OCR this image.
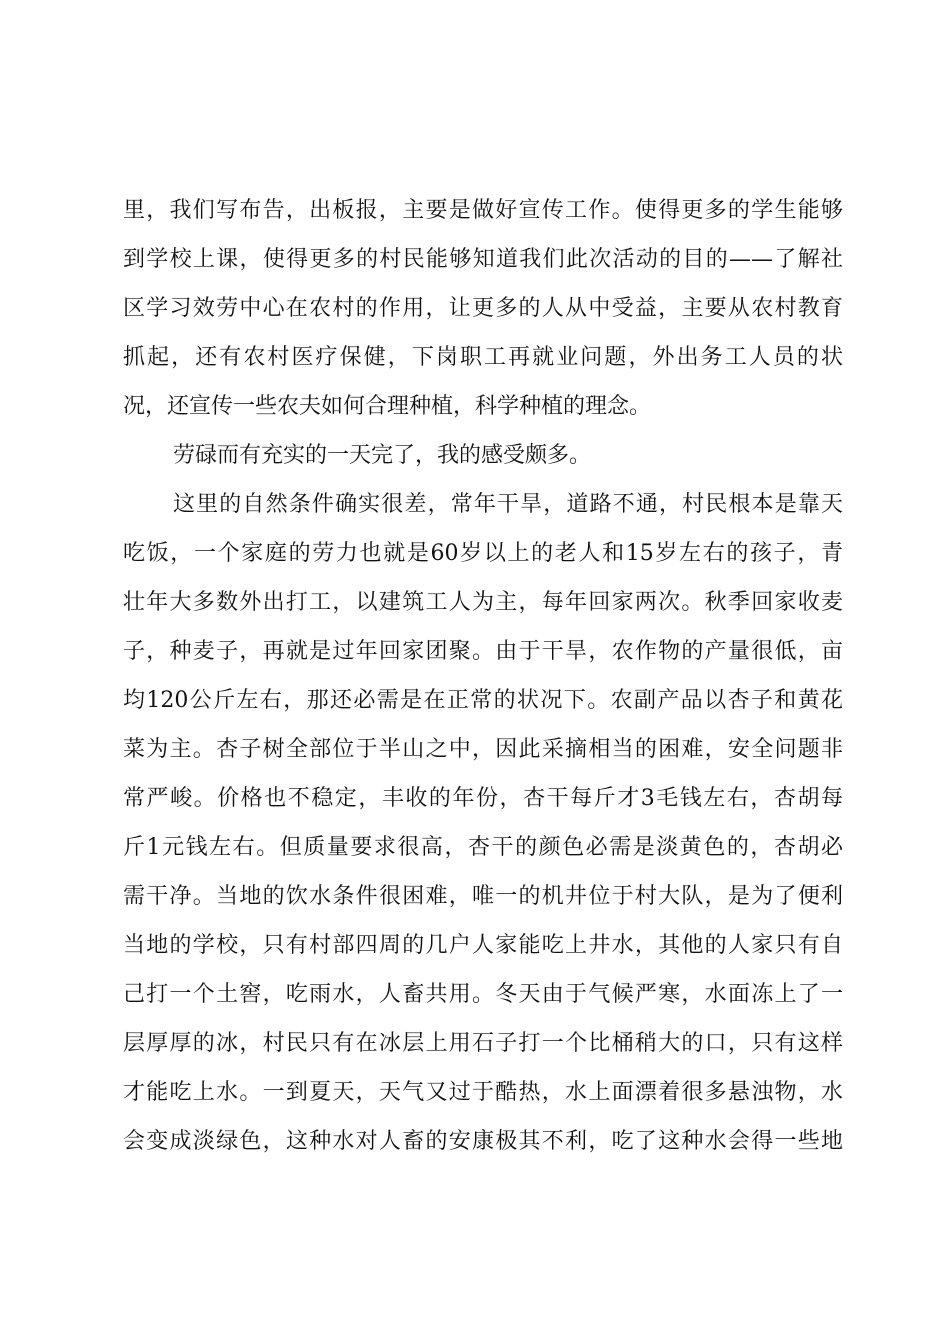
里，我们写布告，出板报，主要是做好宣传工作。使得更多的学生能够
到学校上课，使得更多的村民能够知道我们此次活动的目的——了解社
区学习效劳中心在农村的作用，让更多的人从中受益，主要从农村教育
抓起，还有农村医疗保健，下岗职工再就业问题，外出务工人员的状
况，还宣传一些农夫如何合理种植，科学种植的理念。
劳碌而有充实的一天完了，我的感受颇多。
这里的自然条件确实很差，常年干旱，道路不通，村民根本是靠天
吃饭，一个家庭的劳力也就是60岁以上的老人和15岁左右的孩子，青
壮年大多数外出打工，以建筑工人为主，每年回家两次。秋季回家收麦
子，种麦子，再就是过年回家团聚。由于干旱，农作物的产量很低，亩
均120公斤左右，那还必需是在正常的状况下。农副产品以杏子和黄花
菜为主。杏子树全部位于半山之中，因此采摘相当的困难，安全问题非
常严峻。价格也不稳定，丰收的年份，杏干每斤才3毛钱左右，杏胡每
斤1元钱左右。但质量要求很高，杏干的颜色必需是淡黄色的，杏胡必
需干净。当地的饮水条件很困难，唯一的机井位于村大队，是为了便利
当地的学校，只有村部四周的几户人家能吃上井水，其他的人家只有自
己打一个土窖，吃雨水，人畜共用。冬天由于气候严寒，水面冻上了一
层厚厚的冰，村民只有在冰层上用石子打一个比桶稍大的口，只有这样
才能吃上水。一到夏天，天气又过于酷热，水上面漂着很多悬浊物，水
会变成淡绿色，这种水对人畜的安康极其不利，吃了这种水会得一些地
